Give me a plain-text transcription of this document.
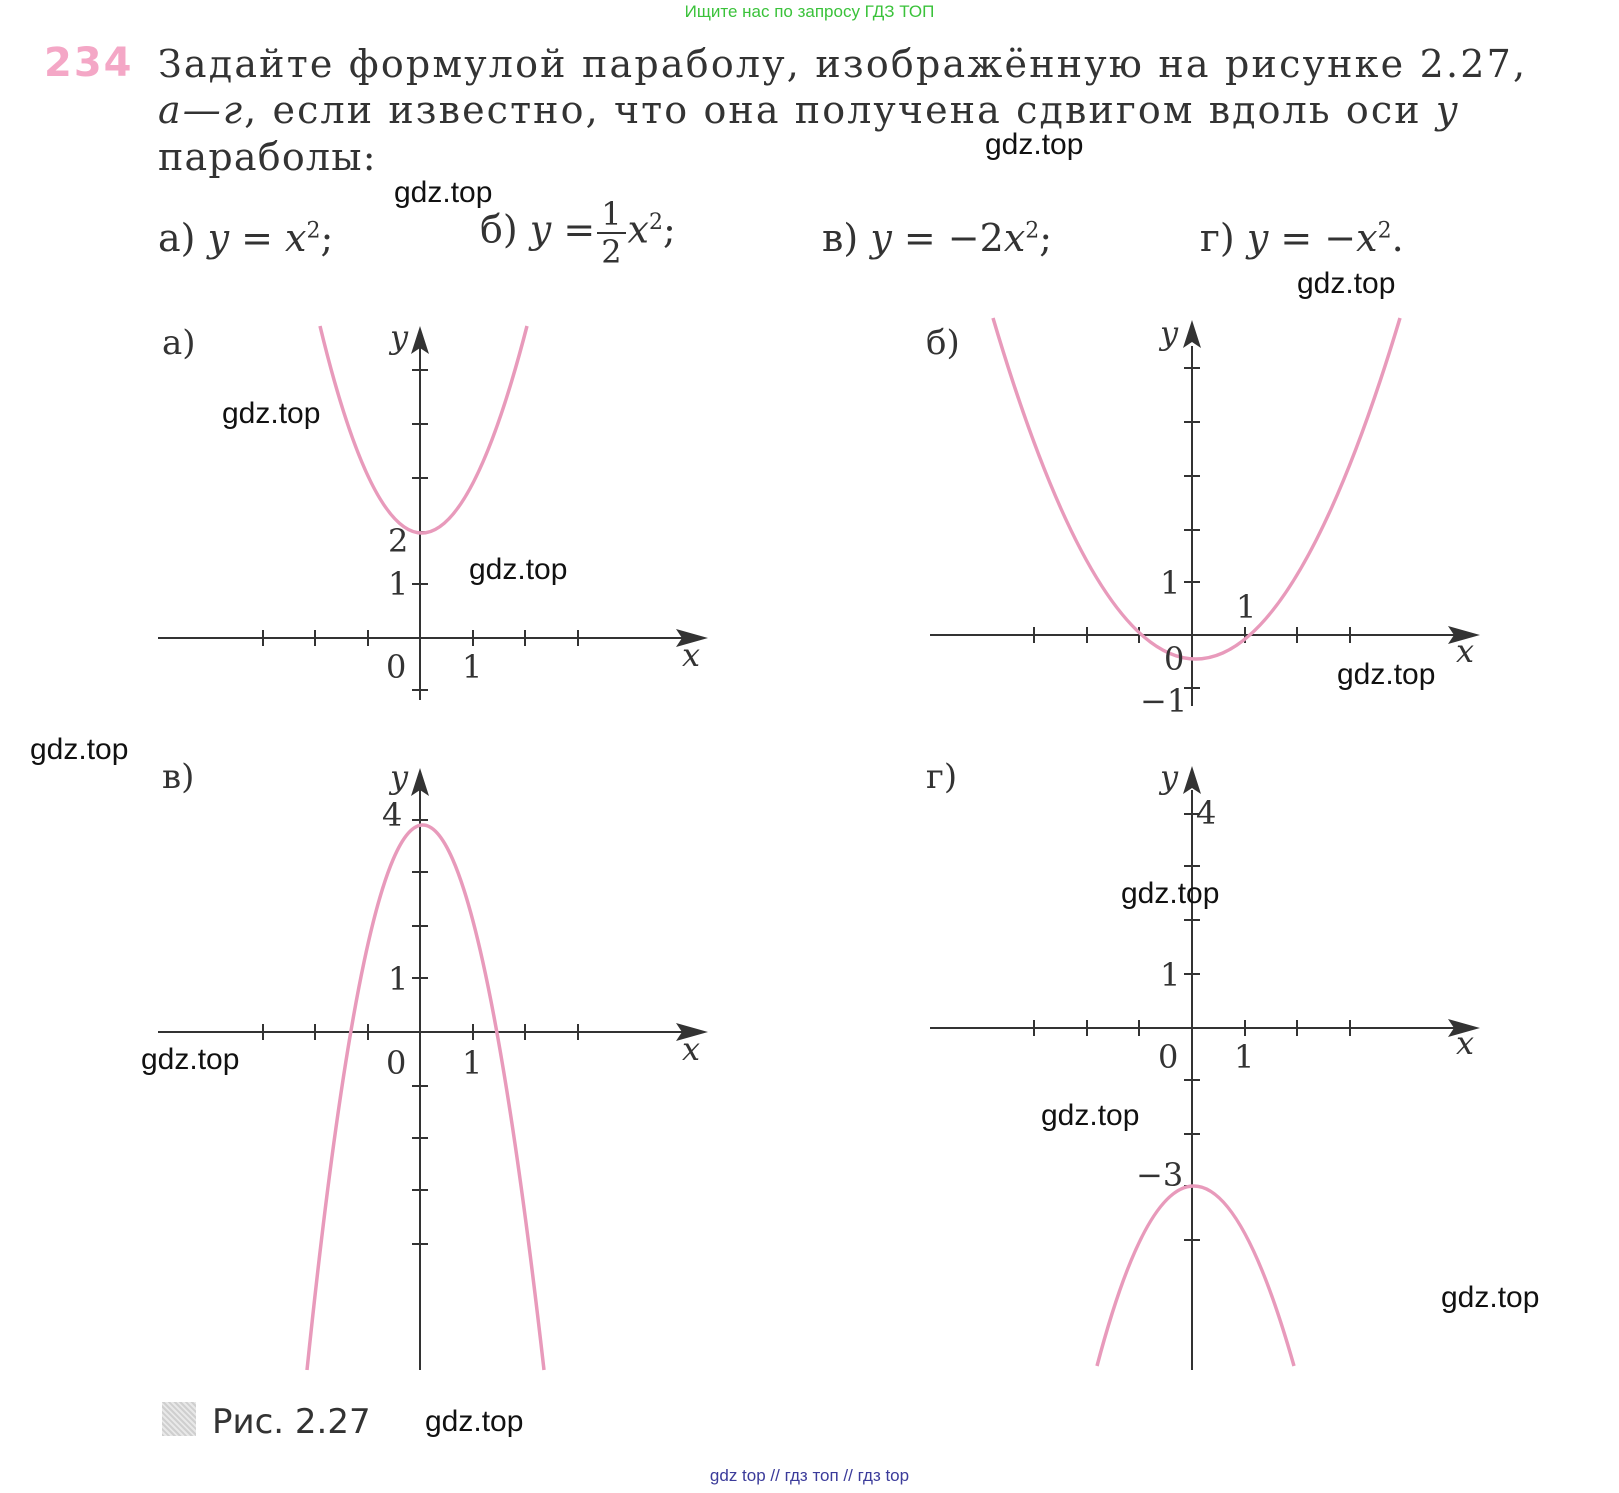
Ищите нас по запросу ГДЗ ТОП
234 Задайте формулой параболу, изображённую на рисунке 2.27,
а—г, если известно, что она получена сдвигом вдоль оси y
параболы:
а) $y = x^2$;	б) $y = \frac{1}{2} x^2$;	в) $y = -2x^2$;	г) $y = -x^2$.
а)
0 1
1
2
x
y	б)
0
1
1
−1
x
y
в)
0 1
1
4
x
y	г)
0 1
1
4
−3
x
y
gdz.top
gdz.top
gdz.top
gdz.top
gdz.top
gdz.top
gdz.top
gdz.top
gdz.top
gdz.top
gdz.top
gdz.top
Рис. 2.27
gdz top // гдз топ // гдз top
